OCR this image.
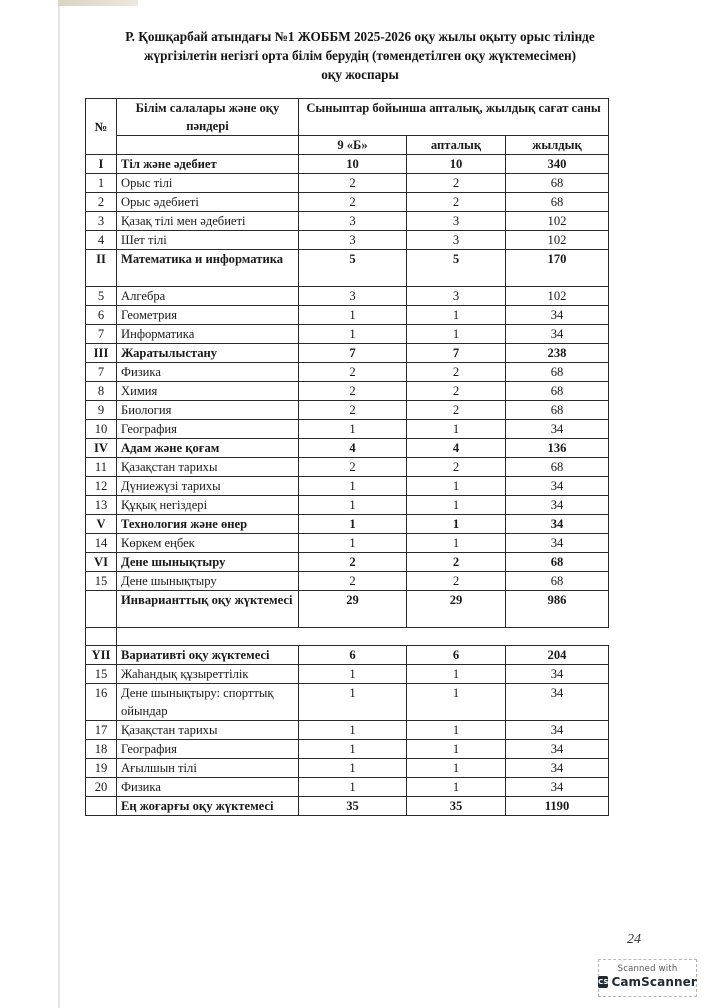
Р. Қошқарбай атындағы №1 ЖОББМ 2025-2026 оқу жылы оқыту орыс тілінде
жүргізілетін негізгі орта білім берудің (төмендетілген оқу жүктемесімен)
оқу жоспары
№	Білім салалары және оқу пәндері	Сыныптар бойынша апталық, жылдық сағат саны		
		9 «Б»	апталық	жылдық
I	Тіл және әдебиет	10	10	340
1	Орыс тілі	2	2	68
2	Орыс әдебиеті	2	2	68
3	Қазақ тілі мен әдебиеті	3	3	102
4	Шет тілі	3	3	102
II	Математика и информатика	5	5	170
5	Алгебра	3	3	102
6	Геометрия	1	1	34
7	Информатика	1	1	34
III	Жаратылыстану	7	7	238
7	Физика	2	2	68
8	Химия	2	2	68
9	Биология	2	2	68
10	География	1	1	34
IV	Адам және қоғам	4	4	136
11	Қазақстан тарихы	2	2	68
12	Дүниежүзі тарихы	1	1	34
13	Құқық негіздері	1	1	34
V	Технология және өнер	1	1	34
14	Көркем еңбек	1	1	34
VI	Дене шынықтыру	2	2	68
15	Дене шынықтыру	2	2	68
	Инварианттық оқу жүктемесі	29	29	986

YII	Вариативті оқу жүктемесі	6	6	204
15	Жаһандық құзыреттілік	1	1	34
16	Дене шынықтыру: спорттық ойындар	1	1	34
17	Қазақстан тарихы	1	1	34
18	География	1	1	34
19	Ағылшын тілі	1	1	34
20	Физика	1	1	34
	Ең жоғарғы оқу жүктемесі	35	35	1190
24
Scanned with
CS CamScanner
